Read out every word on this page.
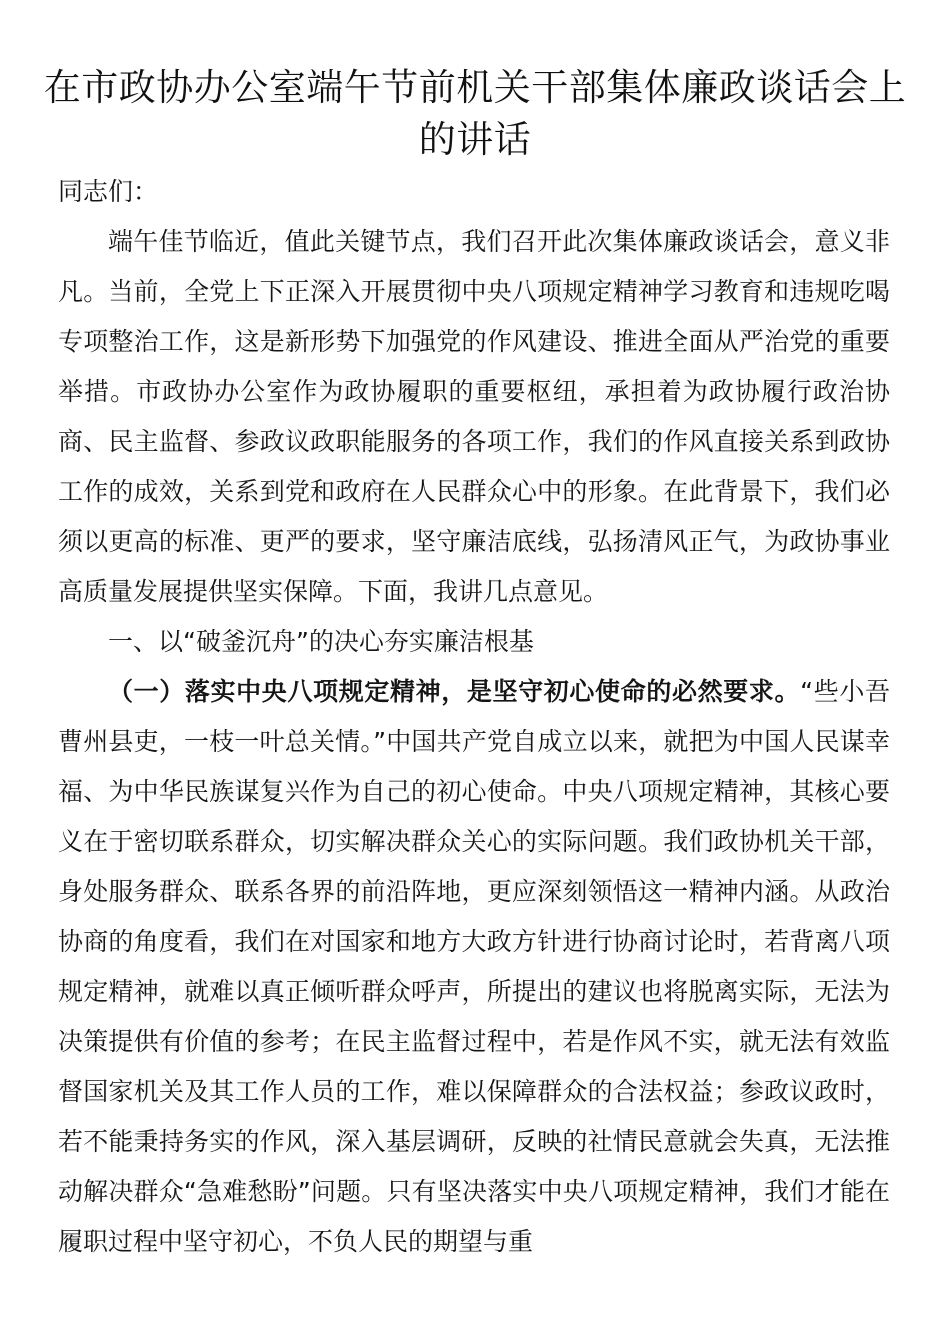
在市政协办公室端午节前机关干部集体廉政谈话会上的讲话

同志们：

端午佳节临近，值此关键节点，我们召开此次集体廉政谈话会，意义非凡。当前，全党上下正深入开展贯彻中央八项规定精神学习教育和违规吃喝专项整治工作，这是新形势下加强党的作风建设、推进全面从严治党的重要举措。市政协办公室作为政协履职的重要枢纽，承担着为政协履行政治协商、民主监督、参政议政职能服务的各项工作，我们的作风直接关系到政协工作的成效，关系到党和政府在人民群众心中的形象。在此背景下，我们必须以更高的标准、更严的要求，坚守廉洁底线，弘扬清风正气，为政协事业高质量发展提供坚实保障。下面，我讲几点意见。

一、以“破釜沉舟”的决心夯实廉洁根基

（一）落实中央八项规定精神，是坚守初心使命的必然要求。“些小吾曹州县吏，一枝一叶总关情。”中国共产党自成立以来，就把为中国人民谋幸福、为中华民族谋复兴作为自己的初心使命。中央八项规定精神，其核心要义在于密切联系群众，切实解决群众关心的实际问题。我们政协机关干部，身处服务群众、联系各界的前沿阵地，更应深刻领悟这一精神内涵。从政治协商的角度看，我们在对国家和地方大政方针进行协商讨论时，若背离八项规定精神，就难以真正倾听群众呼声，所提出的建议也将脱离实际，无法为决策提供有价值的参考；在民主监督过程中，若是作风不实，就无法有效监督国家机关及其工作人员的工作，难以保障群众的合法权益；参政议政时，若不能秉持务实的作风，深入基层调研，反映的社情民意就会失真，无法推动解决群众“急难愁盼”问题。只有坚决落实中央八项规定精神，我们才能在履职过程中坚守初心，不负人民的期望与重
